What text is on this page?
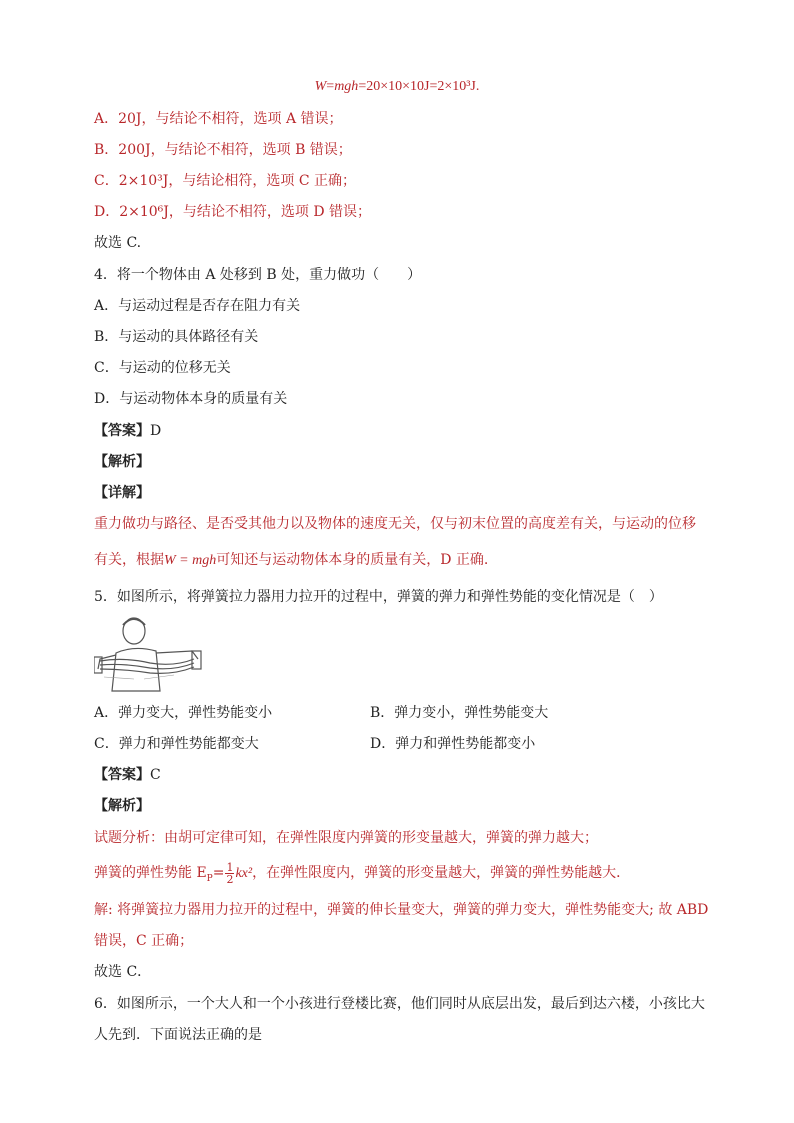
W=mgh=20×10×10J=2×10³J.
A．20J，与结论不相符，选项 A 错误；
B．200J，与结论不相符，选项 B 错误；
C．2×10³J，与结论相符，选项 C 正确；
D．2×10⁶J，与结论不相符，选项 D 错误；
故选 C.
4．将一个物体由 A 处移到 B 处，重力做功（　　）
A．与运动过程是否存在阻力有关
B．与运动的具体路径有关
C．与运动的位移无关
D．与运动物体本身的质量有关
【答案】D
【解析】
【详解】
重力做功与路径、是否受其他力以及物体的速度无关，仅与初末位置的高度差有关，与运动的位移
有关，根据W = mgh可知还与运动物体本身的质量有关，D 正确.
5．如图所示，将弹簧拉力器用力拉开的过程中，弹簧的弹力和弹性势能的变化情况是（　）
A．弹力变大，弹性势能变小	B．弹力变小，弹性势能变大
C．弹力和弹性势能都变大	D．弹力和弹性势能都变小
【答案】C
【解析】
试题分析：由胡可定律可知，在弹性限度内弹簧的形变量越大，弹簧的弹力越大；
弹簧的弹性势能 $E_P= \frac{1}{2} kx^2$，在弹性限度内，弹簧的形变量越大，弹簧的弹性势能越大．
解: 将弹簧拉力器用力拉开的过程中，弹簧的伸长量变大，弹簧的弹力变大，弹性势能变大; 故 ABD
错误，C 正确；
故选 C．
6．如图所示，一个大人和一个小孩进行登楼比赛，他们同时从底层出发，最后到达六楼，小孩比大
人先到．下面说法正确的是
